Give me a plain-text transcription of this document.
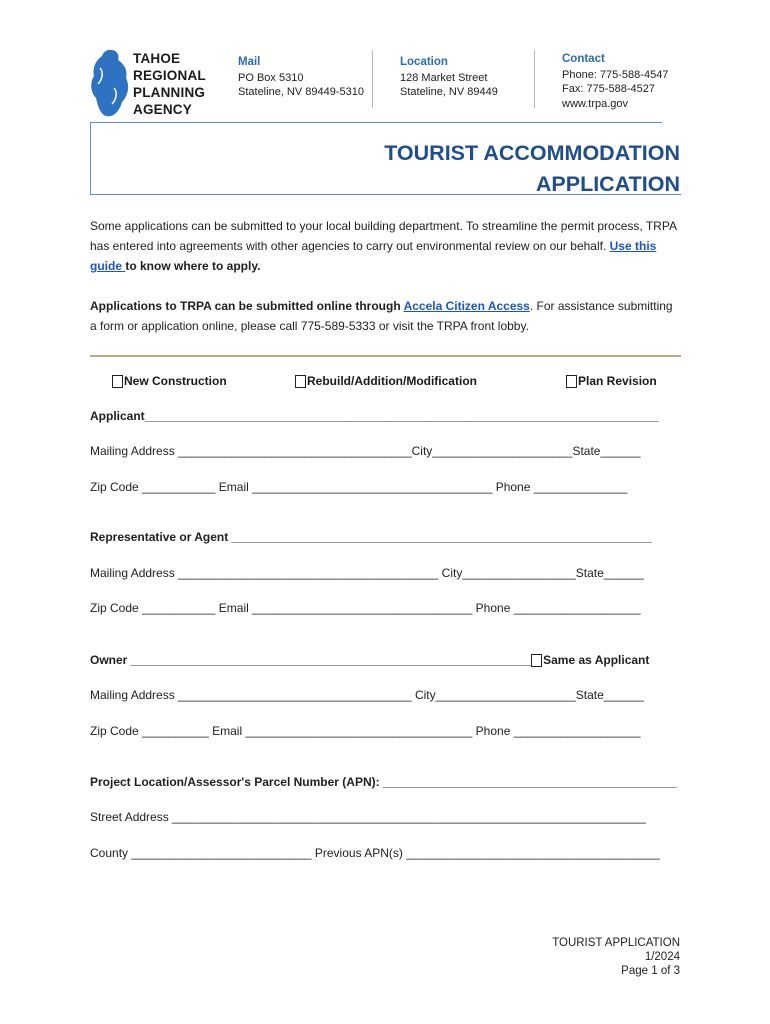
TAHOE
REGIONAL
PLANNING
AGENCY
Mail
PO Box 5310
Stateline, NV 89449-5310
Location
128 Market Street
Stateline, NV 89449
Contact
Phone: 775-588-4547
Fax: 775-588-4527
www.trpa.gov
TOURIST ACCOMMODATION
APPLICATION
Some applications can be submitted to your local building department. To streamline the permit process, TRPA has entered into agreements with other agencies to carry out environmental review on our behalf. Use this guide to know where to apply.
Applications to TRPA can be submitted online through Accela Citizen Access. For assistance submitting a form or application online, please call 775-589-5333 or visit the TRPA front lobby.
New Construction	Rebuild/Addition/Modification	Plan Revision
Applicant_____________________________________________________________________________
Mailing Address ___________________________________City_____________________State______
Zip Code ___________ Email ____________________________________ Phone ______________
Representative or Agent _______________________________________________________________
Mailing Address _______________________________________ City_________________State______
Zip Code ___________ Email _________________________________ Phone ___________________
Owner ____________________________________________________________ Same as Applicant
Mailing Address ___________________________________ City_____________________State______
Zip Code __________ Email __________________________________ Phone ___________________
Project Location/Assessor's Parcel Number (APN): ____________________________________________
Street Address _______________________________________________________________________
County ___________________________ Previous APN(s) ______________________________________
TOURIST APPLICATION
1/2024
Page 1 of 3
